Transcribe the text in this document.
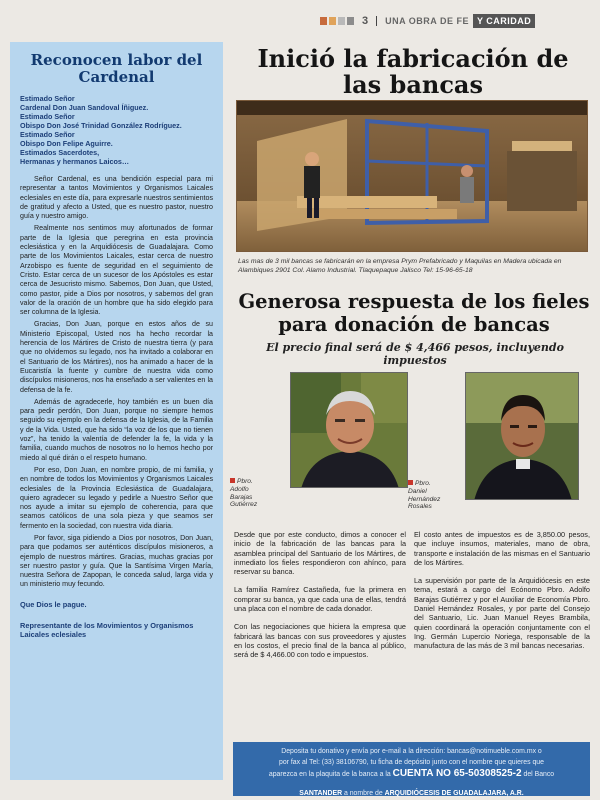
3 UNA OBRA DE FE Y CARIDAD
Reconocen labor del Cardenal
Estimado Señor
Cardenal Don Juan Sandoval Íñiguez.
Estimado Señor
Obispo Don José Trinidad González Rodríguez.
Estimado Señor
Obispo Don Felipe Aguirre.
Estimados Sacerdotes,
Hermanas y hermanos Laicos…

Señor Cardenal, es una bendición especial para mi representar a tantos Movimientos y Organismos Laicales eclesiales en este día, para expresarle nuestros sentimientos de gratitud y afecto a Usted, que es nuestro pastor, nuestro guía y nuestro amigo.

Realmente nos sentimos muy afortunados de formar parte de la Iglesia que peregrina en esta provincia eclesiástica y en la Arquidiócesis de Guadalajara. Como parte de los Movimientos Laicales, estar cerca de nuestro Arzobispo es fuente de seguridad en el seguimiento de Cristo. Estar cerca de un sucesor de los Apóstoles es estar cerca de Jesucristo mismo. Sabemos, Don Juan, que Usted, como pastor, pide a Dios por nosotros, y sabemos del gran valor de la oración de un hombre que ha sido elegido para ser columna de la Iglesia.

Gracias, Don Juan, porque en estos años de su Ministerio Episcopal, Usted nos ha hecho recordar la herencia de los Mártires de Cristo de nuestra tierra (y para que no olvidemos su legado, nos ha invitado a colaborar en el Santuario de los Mártires), nos ha animado a hacer de la Eucaristía la fuente y cumbre de nuestra vida como discípulos misioneros, nos ha enseñado a ser valientes en la defensa de la fe.

Además de agradecerle, hoy también es un buen día para pedir perdón, Don Juan, porque no siempre hemos seguido su ejemplo en la defensa de la Iglesia, de la Familia y de la Vida. Usted, que ha sido “la voz de los que no tienen voz”, ha tenido la valentía de defender la fe, la vida y la familia, cuando muchos de nosotros no lo hemos hecho por miedo al qué dirán o el respeto humano.

Por eso, Don Juan, en nombre propio, de mi familia, y en nombre de todos los Movimientos y Organismos Laicales eclesiales de la Provincia Eclesiástica de Guadalajara, quiero agradecer su legado y pedirle a Nuestro Señor que nos ayude a imitar su ejemplo de coherencia, para que seamos católicos de una sola pieza y que seamos ser fermento en la sociedad, con nuestra vida diaria.

Por favor, siga pidiendo a Dios por nosotros, Don Juan, para que podamos ser auténticos discípulos misioneros, a ejemplo de nuestros mártires. Gracias, muchas gracias por ser nuestro pastor y guía. Que la Santísima Virgen María, nuestra Señora de Zapopan, le conceda salud, larga vida y un ministerio muy fecundo.

Que Dios le pague.
Representante de los Movimientos y Organismos Laicales eclesiales
Inició la fabricación de las bancas

Las mas de 3 mil bancas se fabricarán en la empresa Prym Prefabricado y Maquilas en Madera ubicada en Alambiques 2901 Col. Alamo Industrial. Tlaquepaque Jalisco Tel: 15-96-65-18

Generosa respuesta de los fieles para donación de bancas
El precio final será de $ 4,466 pesos, incluyendo impuestos
Pbro.
Adolfo
Barajas
Gutiérrez
Pbro.
Daniel
Hernández
Rosales

Desde que por este conducto, dimos a conocer el inicio de la fabricación de las bancas para la asamblea principal del Santuario de los Mártires, de inmediato los fieles respondieron con ahínco, para reservar su banca.

La familia Ramírez Castañeda, fue la primera en comprar su banca, ya que cada una de ellas, tendrá una placa con el nombre de cada donador.

Con las negociaciones que hiciera la empresa que fabricará las bancas con sus proveedores y ajustes en los costos, el precio final de la banca al público, será de $ 4,466.00 con todo e impuestos.

El costo antes de impuestos es de 3,850.00 pesos, que incluye insumos, materiales, mano de obra, transporte e instalación de las mismas en el Santuario de los Mártires.

La supervisión por parte de la Arquidiócesis en este tema, estará a cargo del Ecónomo Pbro. Adolfo Barajas Gutiérrez y por el Auxiliar de Economía Pbro. Daniel Hernández Rosales, y por parte del Consejo del Santuario, Lic. Juan Manuel Reyes Brambila, quien coordinará la operación conjuntamente con el Ing. Germán Lupercio Noriega, responsable de la manufactura de las más de 3 mil bancas necesarias.

Deposita tu donativo y envía por e-mail a la dirección: bancas@notimueble.com.mx o
por fax al Tel: (33) 38106790, tu ficha de depósito junto con el nombre que quieres que
aparezca en la plaquita de la banca a la CUENTA NO 65-50308525-2 del Banco
SANTANDER a nombre de ARQUIDIÓCESIS DE GUADALAJARA, A.R.
